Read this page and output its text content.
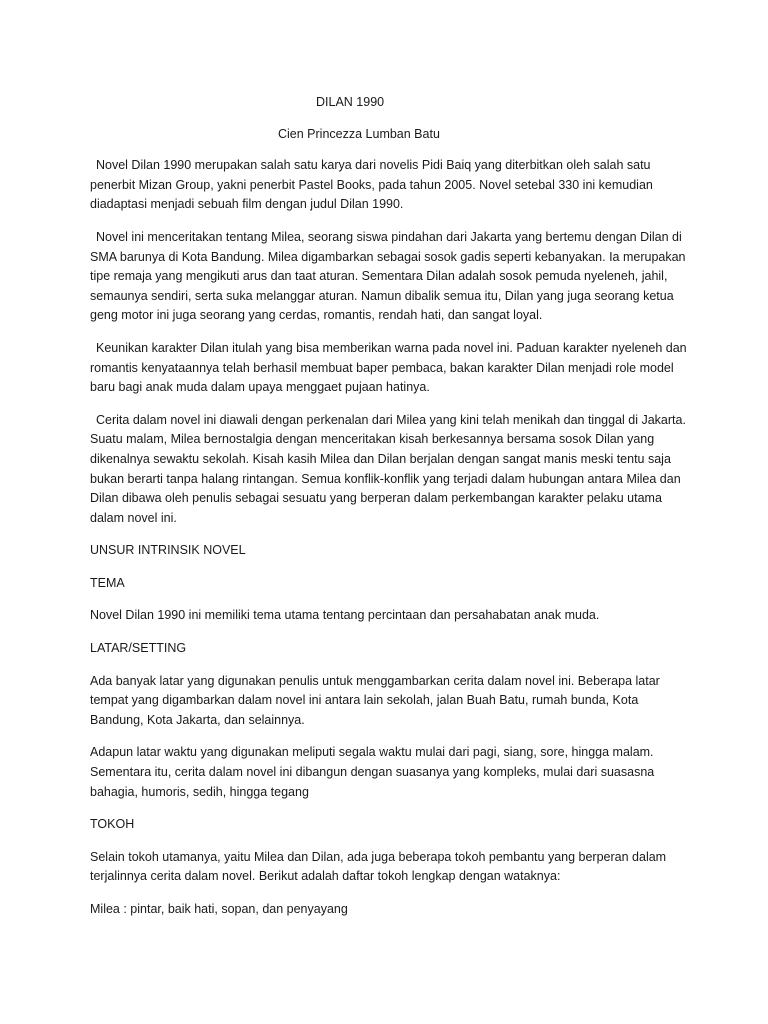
DILAN 1990
Cien Princezza Lumban Batu

Novel Dilan 1990 merupakan salah satu karya dari novelis Pidi Baiq yang diterbitkan oleh salah satu penerbit Mizan Group, yakni penerbit Pastel Books, pada tahun 2005. Novel setebal 330 ini kemudian diadaptasi menjadi sebuah film dengan judul Dilan 1990.

Novel ini menceritakan tentang Milea, seorang siswa pindahan dari Jakarta yang bertemu dengan Dilan di SMA barunya di Kota Bandung. Milea digambarkan sebagai sosok gadis seperti kebanyakan. Ia merupakan tipe remaja yang mengikuti arus dan taat aturan. Sementara Dilan adalah sosok pemuda nyeleneh, jahil, semaunya sendiri, serta suka melanggar aturan. Namun dibalik semua itu, Dilan yang juga seorang ketua geng motor ini juga seorang yang cerdas, romantis, rendah hati, dan sangat loyal.

Keunikan karakter Dilan itulah yang bisa memberikan warna pada novel ini. Paduan karakter nyeleneh dan romantis kenyataannya telah berhasil membuat baper pembaca, bakan karakter Dilan menjadi role model baru bagi anak muda dalam upaya menggaet pujaan hatinya.

Cerita dalam novel ini diawali dengan perkenalan dari Milea yang kini telah menikah dan tinggal di Jakarta. Suatu malam, Milea bernostalgia dengan menceritakan kisah berkesannya bersama sosok Dilan yang dikenalnya sewaktu sekolah. Kisah kasih Milea dan Dilan berjalan dengan sangat manis meski tentu saja bukan berarti tanpa halang rintangan. Semua konflik-konflik yang terjadi dalam hubungan antara Milea dan Dilan dibawa oleh penulis sebagai sesuatu yang berperan dalam perkembangan karakter pelaku utama dalam novel ini.

UNSUR INTRINSIK NOVEL
TEMA

Novel Dilan 1990 ini memiliki tema utama tentang percintaan dan persahabatan anak muda.

LATAR/SETTING

Ada banyak latar yang digunakan penulis untuk menggambarkan cerita dalam novel ini. Beberapa latar tempat yang digambarkan dalam novel ini antara lain sekolah, jalan Buah Batu, rumah bunda, Kota Bandung, Kota Jakarta, dan selainnya.

Adapun latar waktu yang digunakan meliputi segala waktu mulai dari pagi, siang, sore, hingga malam. Sementara itu, cerita dalam novel ini dibangun dengan suasanya yang kompleks, mulai dari suasasna bahagia, humoris, sedih, hingga tegang

TOKOH

Selain tokoh utamanya, yaitu Milea dan Dilan, ada juga beberapa tokoh pembantu yang berperan dalam terjalinnya cerita dalam novel. Berikut adalah daftar tokoh lengkap dengan wataknya:

Milea : pintar, baik hati, sopan, dan penyayang
